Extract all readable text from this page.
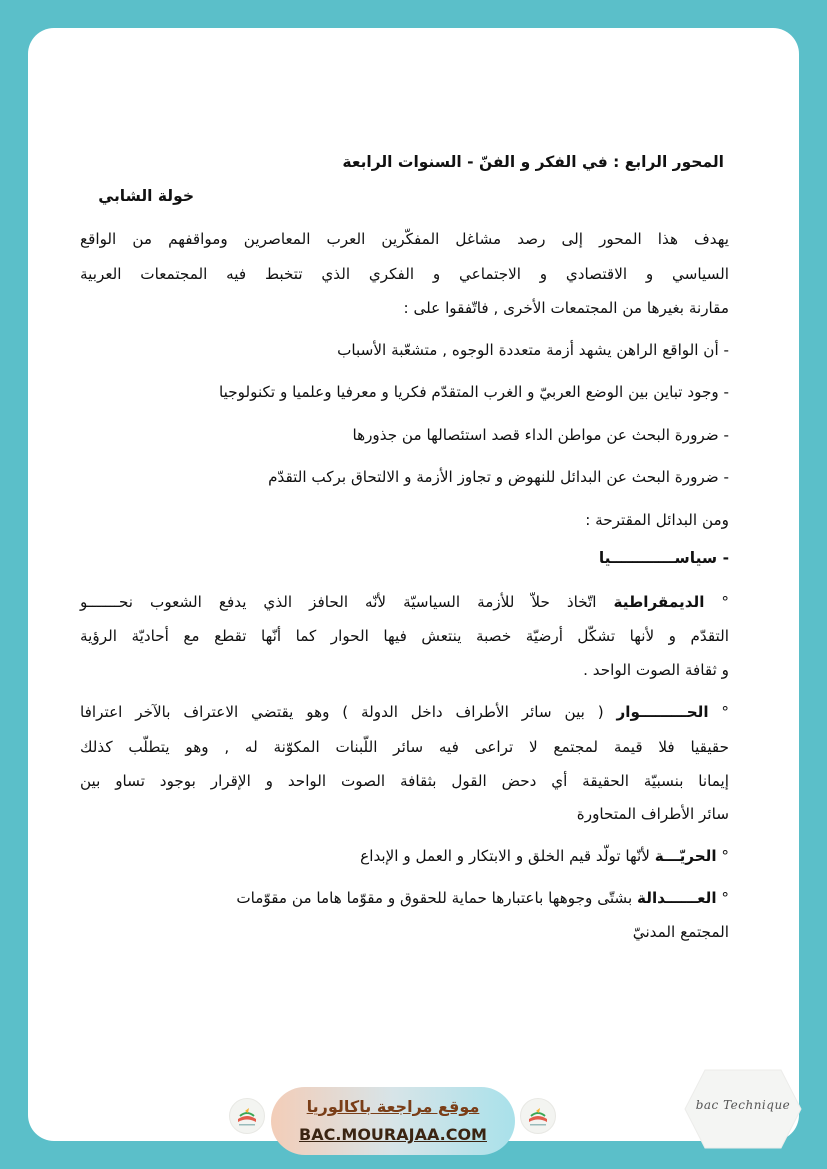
المحور الرابع : في الفكر و الفنّ - السنوات الرابعة
خولة الشابي
يهدف هذا المحور إلى رصد مشاغل المفكّرين العرب المعاصرين ومواقفهم من الواقع
السياسي و الاقتصادي و الاجتماعي و الفكري الذي تتخبط فيه المجتمعات العربية
مقارنة بغيرها من المجتمعات الأخرى , فاتّفقوا على :
- أن الواقع الراهن يشهد أزمة متعددة الوجوه , متشعّبة الأسباب
- وجود تباين بين الوضع العربيّ و الغرب المتقدّم فكريا و معرفيا وعلميا و تكنولوجيا
- ضرورة البحث عن مواطن الداء قصد استئصالها من جذورها
- ضرورة البحث عن البدائل للنهوض و تجاوز الأزمة و الالتحاق بركب التقدّم
ومن البدائل المقترحة :
- سياســــــــــــيا
° الديمقراطية اتّخاذ حلاّ للأزمة السياسيّة لأنّه الحافز الذي يدفع الشعوب نحـــــــو
التقدّم و لأنها تشكّل أرضيّة خصبة ينتعش فيها الحوار كما أنّها تقطع مع أحاديّة الرؤية
و ثقافة الصوت الواحد .
° الحـــــــــوار ( بين سائر الأطراف داخل الدولة ) وهو يقتضي الاعتراف بالآخر اعترافا
حقيقيا فلا قيمة لمجتمع لا تراعى فيه سائر اللّبنات المكوّنة له , وهو يتطلّب كذلك
إيمانا بنسبيّة الحقيقة أي دحض القول بثقافة الصوت الواحد و الإقرار بوجود تساو بين
سائر الأطراف المتحاورة
° الحريّـــة لأنّها تولّد قيم الخلق و الابتكار و العمل و الإبداع
° العــــــدالة بشتّى وجوهها باعتبارها حماية للحقوق و مقوّما هاما من مقوّمات
المجتمع المدنيّ
موقع مراجعة باكالوريا
BAC.MOURAJAA.COM
bac Technique
